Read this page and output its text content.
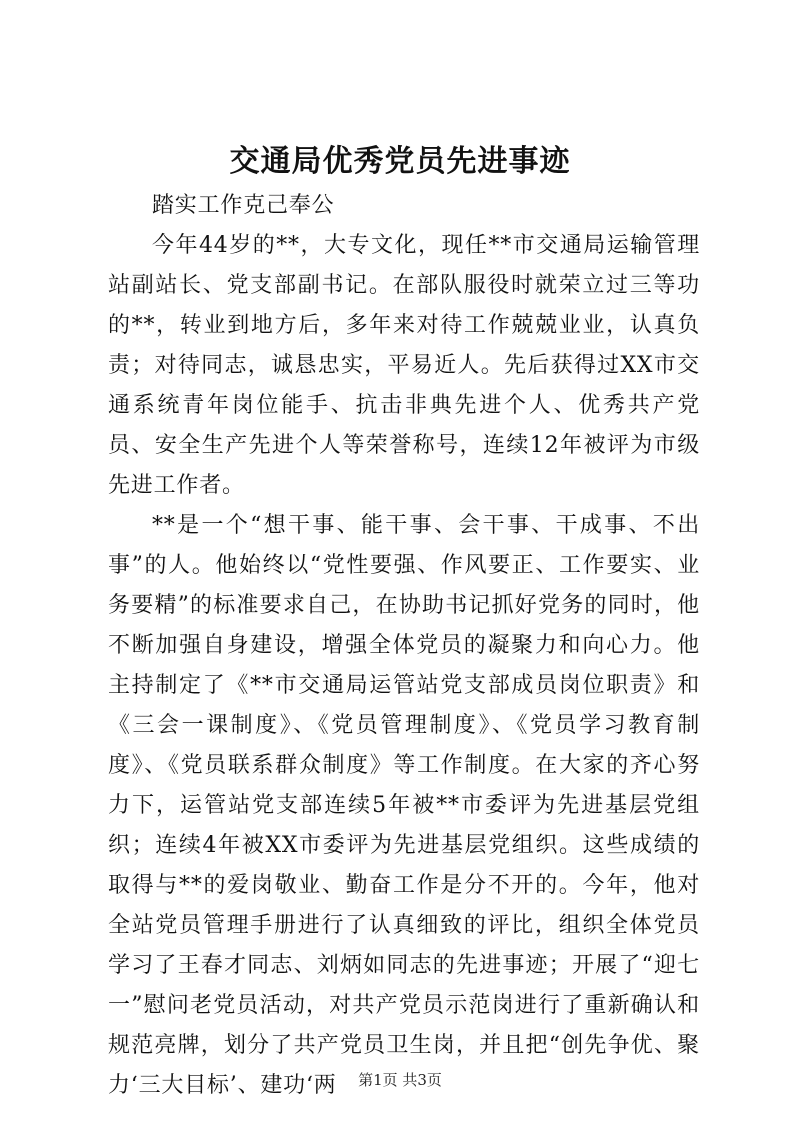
交通局优秀党员先进事迹

踏实工作克己奉公

今年44岁的**，大专文化，现任**市交通局运输管理站副站长、党支部副书记。在部队服役时就荣立过三等功的**，转业到地方后，多年来对待工作兢兢业业，认真负责；对待同志，诚恳忠实，平易近人。先后获得过XX市交通系统青年岗位能手、抗击非典先进个人、优秀共产党员、安全生产先进个人等荣誉称号，连续12年被评为市级先进工作者。

**是一个“想干事、能干事、会干事、干成事、不出事”的人。他始终以“党性要强、作风要正、工作要实、业务要精”的标准要求自己，在协助书记抓好党务的同时，他不断加强自身建设，增强全体党员的凝聚力和向心力。他主持制定了《**市交通局运管站党支部成员岗位职责》和《三会一课制度》、《党员管理制度》、《党员学习教育制度》、《党员联系群众制度》等工作制度。在大家的齐心努力下，运管站党支部连续5年被**市委评为先进基层党组织；连续4年被XX市委评为先进基层党组织。这些成绩的取得与**的爱岗敬业、勤奋工作是分不开的。今年，他对全站党员管理手册进行了认真细致的评比，组织全体党员学习了王春才同志、刘炳如同志的先进事迹；开展了“迎七一”慰问老党员活动，对共产党员示范岗进行了重新确认和规范亮牌，划分了共产党员卫生岗，并且把“创先争优、聚力‘三大目标’、建功‘两	第1页 共3页
